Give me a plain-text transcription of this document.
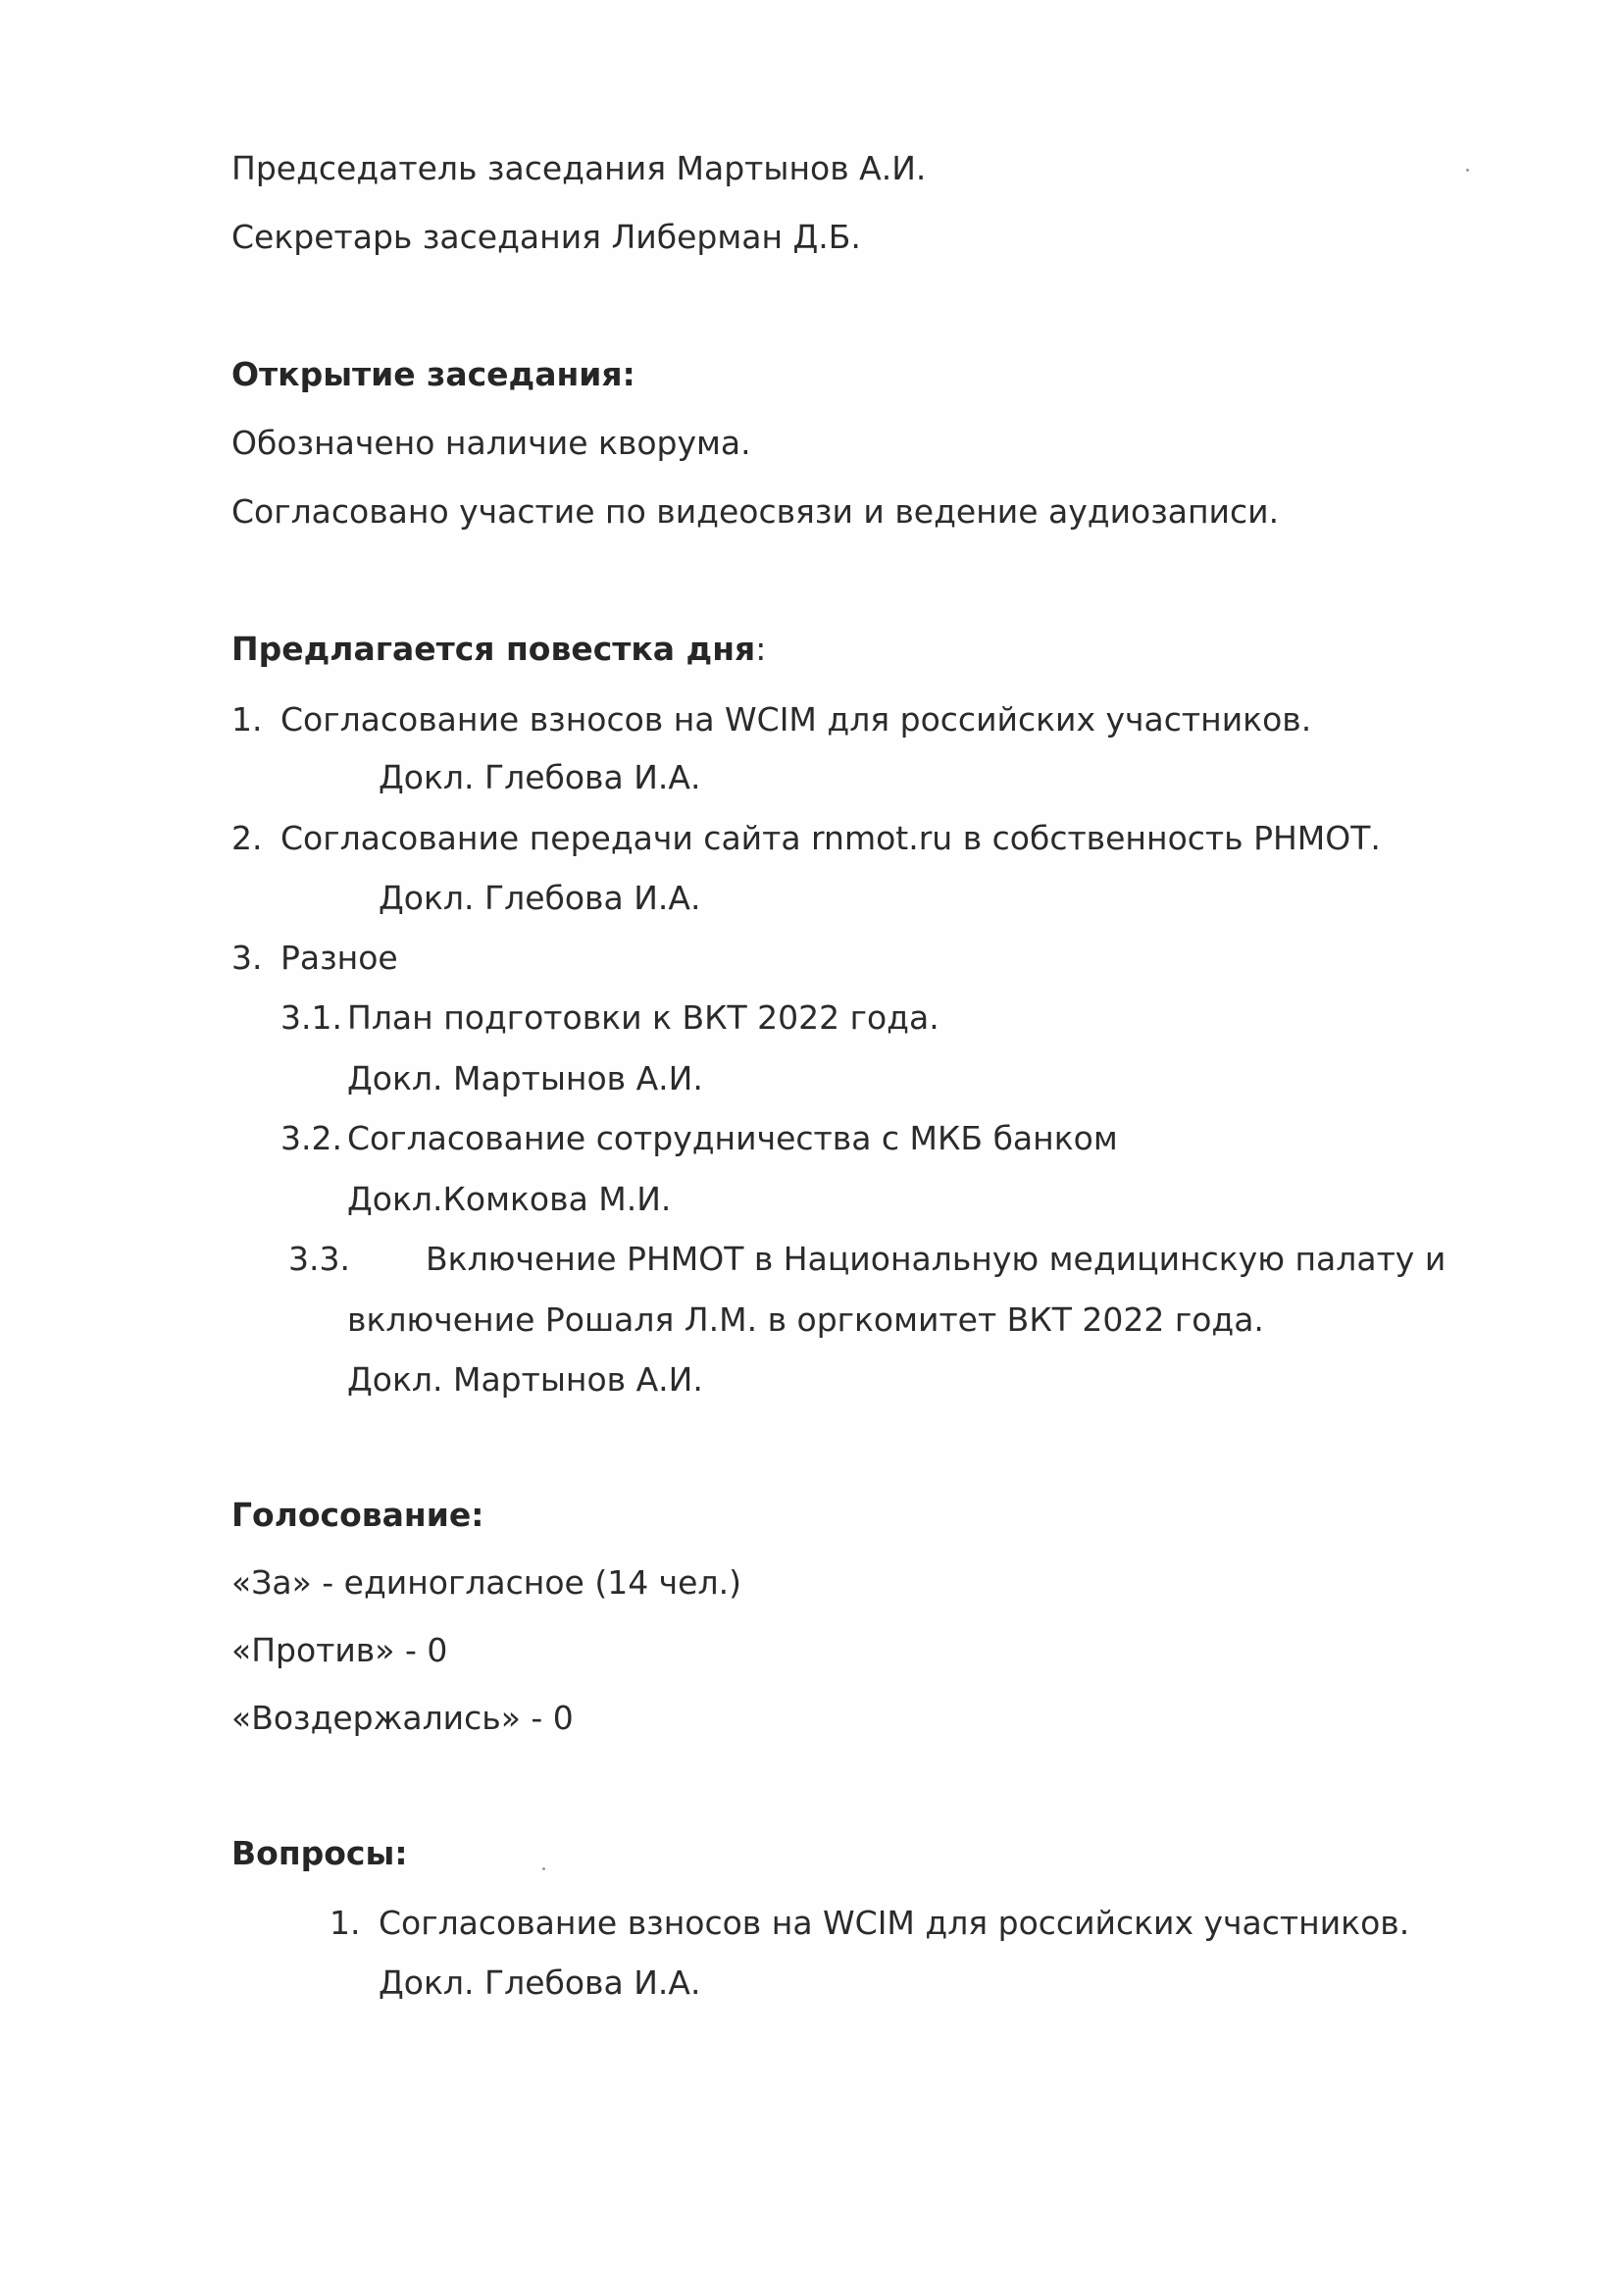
Председатель заседания Мартынов А.И.
Секретарь заседания Либерман Д.Б.
Открытие заседания:
Обозначено наличие кворума.
Согласовано участие по видеосвязи и ведение аудиозаписи.
Предлагается повестка дня:
1. Согласование взносов на WCIM для российских участников.
Докл. Глебова И.А.
2. Согласование передачи сайта rnmot.ru в собственность РНМОТ.
Докл. Глебова И.А.
3. Разное
3.1. План подготовки к ВКТ 2022 года.
Докл. Мартынов А.И.
3.2. Согласование сотрудничества с МКБ банком
Докл.Комкова М.И.
3.3. Включение РНМОТ в Национальную медицинскую палату и
включение Рошаля Л.М. в оргкомитет ВКТ 2022 года.
Докл. Мартынов А.И.
Голосование:
«За» - единогласное (14 чел.)
«Против» - 0
«Воздержались» - 0
Вопросы:
1. Согласование взносов на WCIM для российских участников.
Докл. Глебова И.А.
